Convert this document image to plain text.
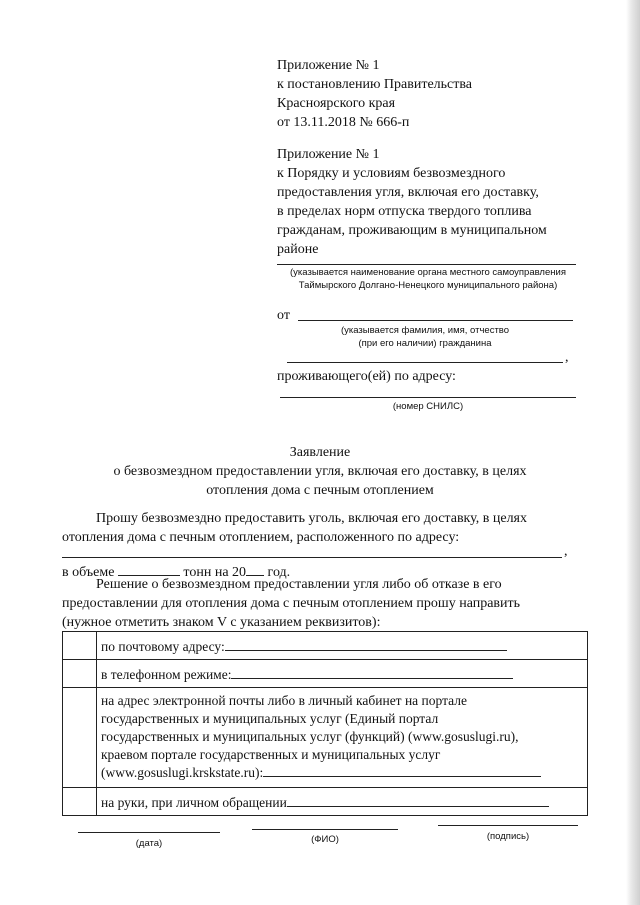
Приложение № 1
к постановлению Правительства
Красноярского края
от 13.11.2018 № 666-п
Приложение № 1
к Порядку и условиям безвозмездного
предоставления угля, включая его доставку,
в пределах норм отпуска твердого топлива
гражданам, проживающим в муниципальном
районе
(указывается наименование органа местного самоуправления
Таймырского Долгано-Ненецкого муниципального района)
от
(указывается фамилия, имя, отчество
(при его наличии) гражданина
,
проживающего(ей) по адресу:
(номер СНИЛС)
Заявление
о безвозмездном предоставлении угля, включая его доставку, в целях
отопления дома с печным отоплением
Прошу безвозмездно предоставить уголь, включая его доставку, в целях
отопления дома с печным отоплением, расположенного по адресу:
,
в объеме	тонн на 20 год.
Решение о безвозмездном предоставлении угля либо об отказе в его
предоставлении для отопления дома с печным отоплением прошу направить
(нужное отметить знаком V с указанием реквизитов):
	по почтовому адресу:
	в телефонном режиме:

	на адрес электронной почты либо в личный кабинет на портале
государственных и муниципальных услуг (Единый портал
государственных и муниципальных услуг (функций) (www.gosuslugi.ru),
краевом портале государственных и муниципальных услуг
(www.gosuslugi.krskstate.ru):

	на руки, при личном обращении
(дата)	(ФИО)	(подпись)
